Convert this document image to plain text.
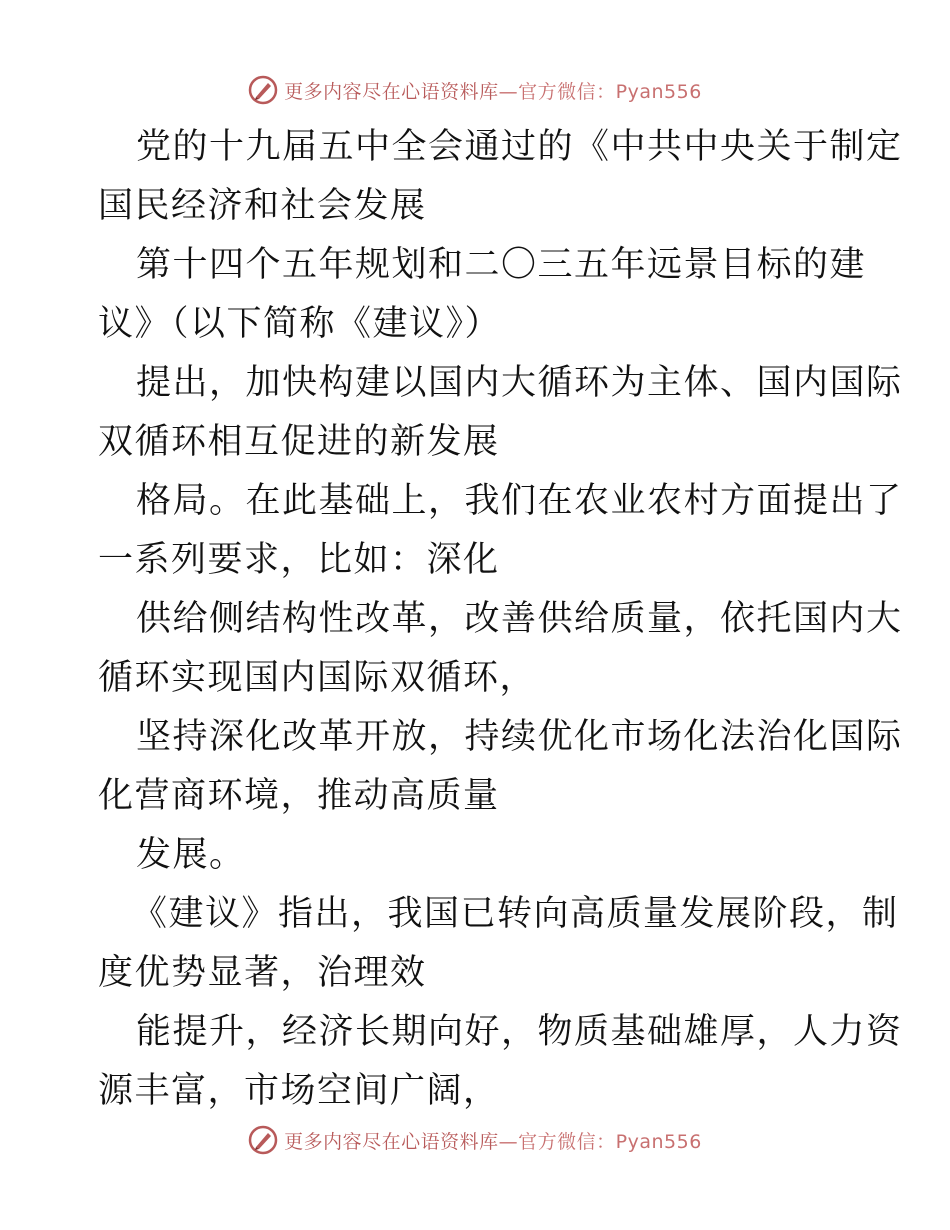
更多内容尽在心语资料库—官方微信：Pyan556

党的十九届五中全会通过的《中共中央关于制定

国民经济和社会发展

第十四个五年规划和二〇三五年远景目标的建

议》（以下简称《建议》）

提出，加快构建以国内大循环为主体、国内国际

双循环相互促进的新发展

格局。在此基础上，我们在农业农村方面提出了

一系列要求，比如：深化

供给侧结构性改革，改善供给质量，依托国内大

循环实现国内国际双循环，

坚持深化改革开放，持续优化市场化法治化国际

化营商环境，推动高质量

发展。

《建议》指出，我国已转向高质量发展阶段，制

度优势显著，治理效

能提升，经济长期向好，物质基础雄厚，人力资

源丰富，市场空间广阔，

更多内容尽在心语资料库—官方微信：Pyan556
